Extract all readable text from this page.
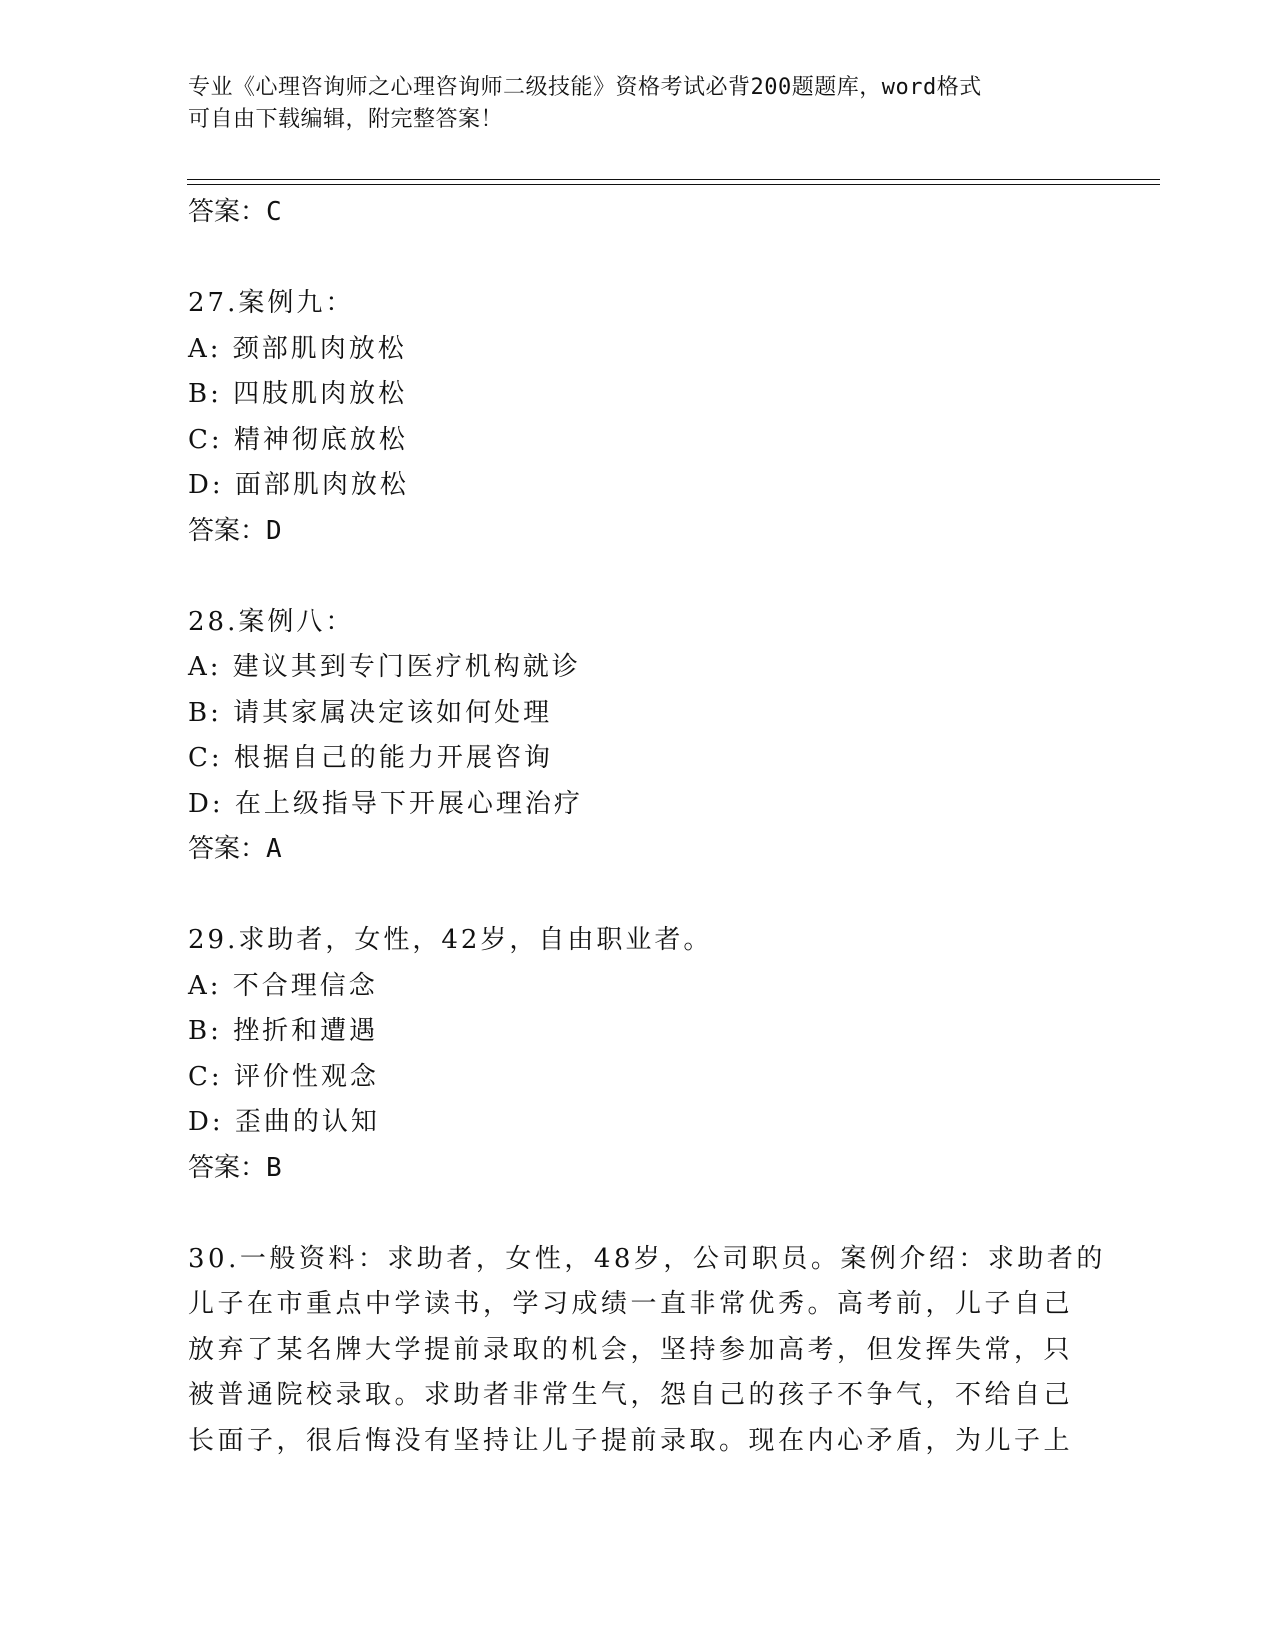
专业《心理咨询师之心理咨询师二级技能》资格考试必背200题题库，word格式
可自由下载编辑，附完整答案！
答案：C
27.案例九：
A: 颈部肌肉放松
B: 四肢肌肉放松
C: 精神彻底放松
D: 面部肌肉放松
答案：D
28.案例八：
A: 建议其到专门医疗机构就诊
B: 请其家属决定该如何处理
C: 根据自己的能力开展咨询
D: 在上级指导下开展心理治疗
答案：A
29.求助者，女性，42岁，自由职业者。
A: 不合理信念
B: 挫折和遭遇
C: 评价性观念
D: 歪曲的认知
答案：B
30.一般资料：求助者，女性，48岁，公司职员。案例介绍：求助者的
儿子在市重点中学读书，学习成绩一直非常优秀。高考前，儿子自己
放弃了某名牌大学提前录取的机会，坚持参加高考，但发挥失常，只
被普通院校录取。求助者非常生气，怨自己的孩子不争气，不给自己
长面子，很后悔没有坚持让儿子提前录取。现在内心矛盾，为儿子上
